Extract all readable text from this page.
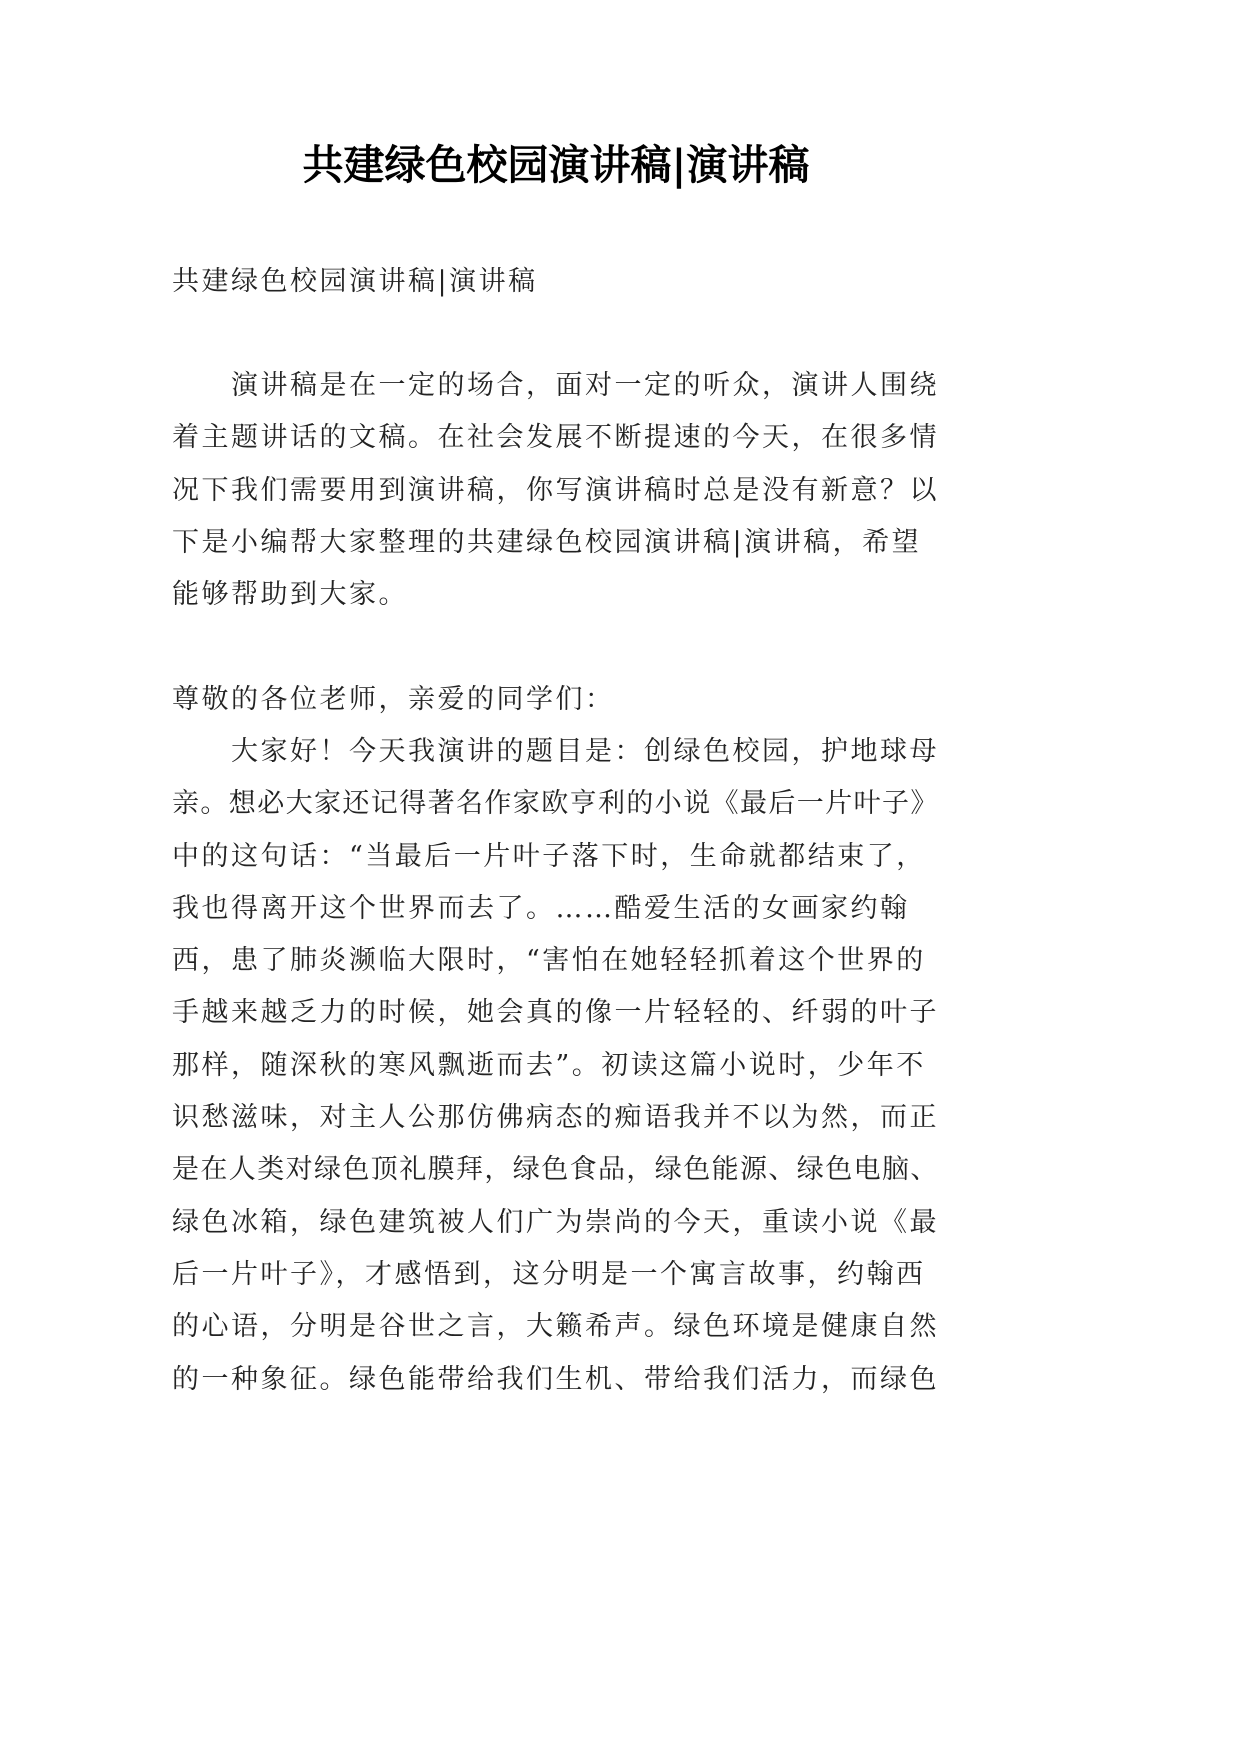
共建绿色校园演讲稿|演讲稿
共建绿色校园演讲稿|演讲稿
演讲稿是在一定的场合，面对一定的听众，演讲人围绕
着主题讲话的文稿。在社会发展不断提速的今天，在很多情
况下我们需要用到演讲稿，你写演讲稿时总是没有新意？以
下是小编帮大家整理的共建绿色校园演讲稿|演讲稿，希望
能够帮助到大家。
尊敬的各位老师，亲爱的同学们：
大家好！今天我演讲的题目是：创绿色校园，护地球母
亲。想必大家还记得著名作家欧亨利的小说《最后一片叶子》
中的这句话：“当最后一片叶子落下时，生命就都结束了，
我也得离开这个世界而去了。……酷爱生活的女画家约翰
西，患了肺炎濒临大限时，“害怕在她轻轻抓着这个世界的
手越来越乏力的时候，她会真的像一片轻轻的、纤弱的叶子
那样，随深秋的寒风飘逝而去”。初读这篇小说时，少年不
识愁滋味，对主人公那仿佛病态的痴语我并不以为然，而正
是在人类对绿色顶礼膜拜，绿色食品，绿色能源、绿色电脑、
绿色冰箱，绿色建筑被人们广为崇尚的今天，重读小说《最
后一片叶子》，才感悟到，这分明是一个寓言故事，约翰西
的心语，分明是谷世之言，大籁希声。绿色环境是健康自然
的一种象征。绿色能带给我们生机、带给我们活力，而绿色
